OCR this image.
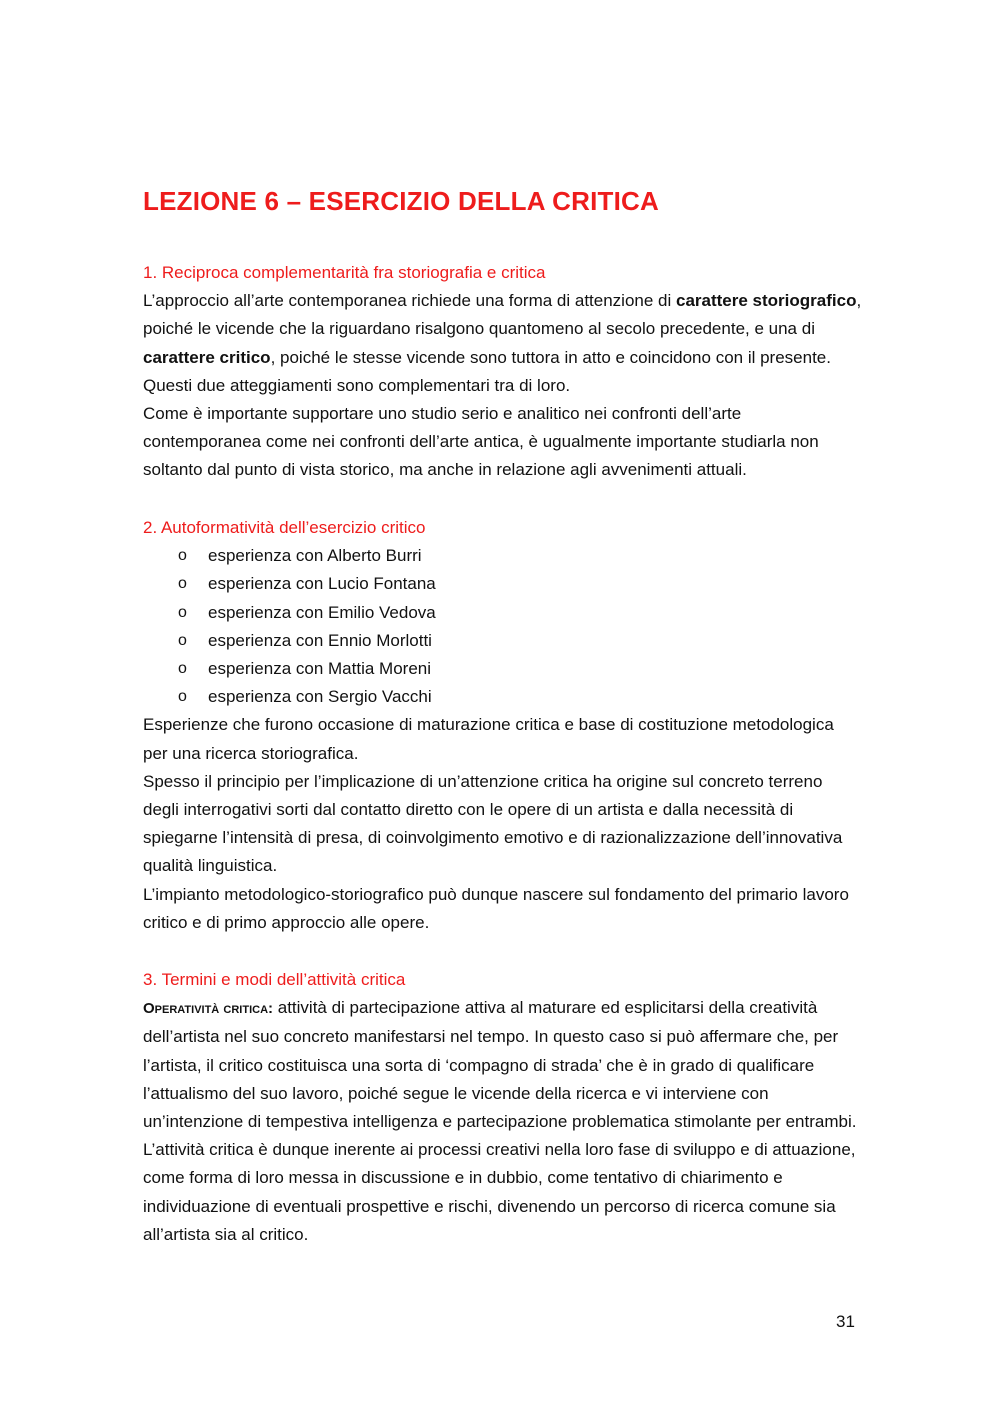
LEZIONE 6 – ESERCIZIO DELLA CRITICA

1. Reciproca complementarità fra storiografia e critica

L’approccio all’arte contemporanea richiede una forma di attenzione di carattere storiografico, poiché le vicende che la riguardano risalgono quantomeno al secolo precedente, e una di carattere critico, poiché le stesse vicende sono tuttora in atto e coincidono con il presente. Questi due atteggiamenti sono complementari tra di loro.

Come è importante supportare uno studio serio e analitico nei confronti dell’arte contemporanea come nei confronti dell’arte antica, è ugualmente importante studiarla non soltanto dal punto di vista storico, ma anche in relazione agli avvenimenti attuali.

2. Autoformatività dell’esercizio critico

o esperienza con Alberto Burri
o esperienza con Lucio Fontana
o esperienza con Emilio Vedova
o esperienza con Ennio Morlotti
o esperienza con Mattia Moreni
o esperienza con Sergio Vacchi

Esperienze che furono occasione di maturazione critica e base di costituzione metodologica per una ricerca storiografica.

Spesso il principio per l’implicazione di un’attenzione critica ha origine sul concreto terreno degli interrogativi sorti dal contatto diretto con le opere di un artista e dalla necessità di spiegarne l’intensità di presa, di coinvolgimento emotivo e di razionalizzazione dell’innovativa qualità linguistica.

L’impianto metodologico-storiografico può dunque nascere sul fondamento del primario lavoro critico e di primo approccio alle opere.

3. Termini e modi dell’attività critica

Operatività critica: attività di partecipazione attiva al maturare ed esplicitarsi della creatività dell’artista nel suo concreto manifestarsi nel tempo. In questo caso si può affermare che, per l’artista, il critico costituisca una sorta di ‘compagno di strada’ che è in grado di qualificare l’attualismo del suo lavoro, poiché segue le vicende della ricerca e vi interviene con un’intenzione di tempestiva intelligenza e partecipazione problematica stimolante per entrambi.

L’attività critica è dunque inerente ai processi creativi nella loro fase di sviluppo e di attuazione, come forma di loro messa in discussione e in dubbio, come tentativo di chiarimento e individuazione di eventuali prospettive e rischi, divenendo un percorso di ricerca comune sia all’artista sia al critico.

31
